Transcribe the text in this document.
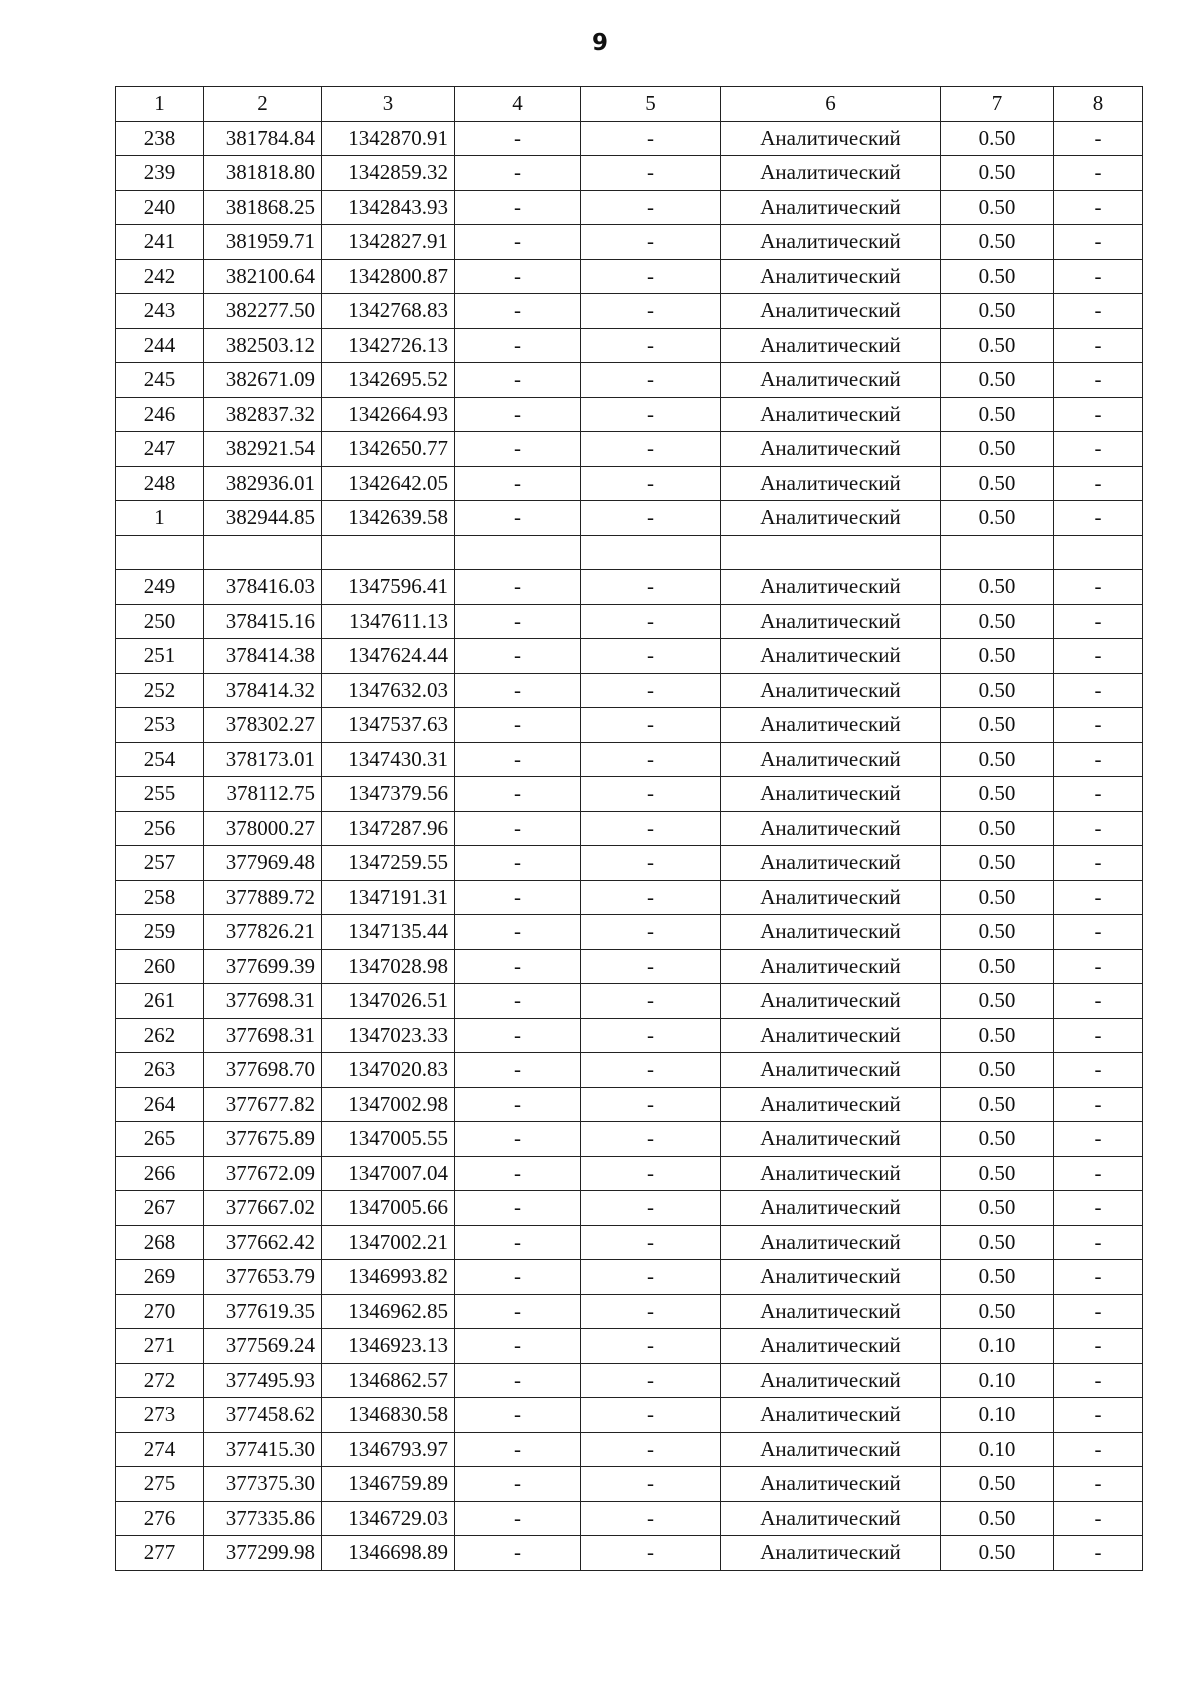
9
1	2	3	4	5	6	7	8
238	381784.84	1342870.91	-	-	Аналитический	0.50	-
239	381818.80	1342859.32	-	-	Аналитический	0.50	-
240	381868.25	1342843.93	-	-	Аналитический	0.50	-
241	381959.71	1342827.91	-	-	Аналитический	0.50	-
242	382100.64	1342800.87	-	-	Аналитический	0.50	-
243	382277.50	1342768.83	-	-	Аналитический	0.50	-
244	382503.12	1342726.13	-	-	Аналитический	0.50	-
245	382671.09	1342695.52	-	-	Аналитический	0.50	-
246	382837.32	1342664.93	-	-	Аналитический	0.50	-
247	382921.54	1342650.77	-	-	Аналитический	0.50	-
248	382936.01	1342642.05	-	-	Аналитический	0.50	-
1	382944.85	1342639.58	-	-	Аналитический	0.50	-

249	378416.03	1347596.41	-	-	Аналитический	0.50	-
250	378415.16	1347611.13	-	-	Аналитический	0.50	-
251	378414.38	1347624.44	-	-	Аналитический	0.50	-
252	378414.32	1347632.03	-	-	Аналитический	0.50	-
253	378302.27	1347537.63	-	-	Аналитический	0.50	-
254	378173.01	1347430.31	-	-	Аналитический	0.50	-
255	378112.75	1347379.56	-	-	Аналитический	0.50	-
256	378000.27	1347287.96	-	-	Аналитический	0.50	-
257	377969.48	1347259.55	-	-	Аналитический	0.50	-
258	377889.72	1347191.31	-	-	Аналитический	0.50	-
259	377826.21	1347135.44	-	-	Аналитический	0.50	-
260	377699.39	1347028.98	-	-	Аналитический	0.50	-
261	377698.31	1347026.51	-	-	Аналитический	0.50	-
262	377698.31	1347023.33	-	-	Аналитический	0.50	-
263	377698.70	1347020.83	-	-	Аналитический	0.50	-
264	377677.82	1347002.98	-	-	Аналитический	0.50	-
265	377675.89	1347005.55	-	-	Аналитический	0.50	-
266	377672.09	1347007.04	-	-	Аналитический	0.50	-
267	377667.02	1347005.66	-	-	Аналитический	0.50	-
268	377662.42	1347002.21	-	-	Аналитический	0.50	-
269	377653.79	1346993.82	-	-	Аналитический	0.50	-
270	377619.35	1346962.85	-	-	Аналитический	0.50	-
271	377569.24	1346923.13	-	-	Аналитический	0.10	-
272	377495.93	1346862.57	-	-	Аналитический	0.10	-
273	377458.62	1346830.58	-	-	Аналитический	0.10	-
274	377415.30	1346793.97	-	-	Аналитический	0.10	-
275	377375.30	1346759.89	-	-	Аналитический	0.50	-
276	377335.86	1346729.03	-	-	Аналитический	0.50	-
277	377299.98	1346698.89	-	-	Аналитический	0.50	-
